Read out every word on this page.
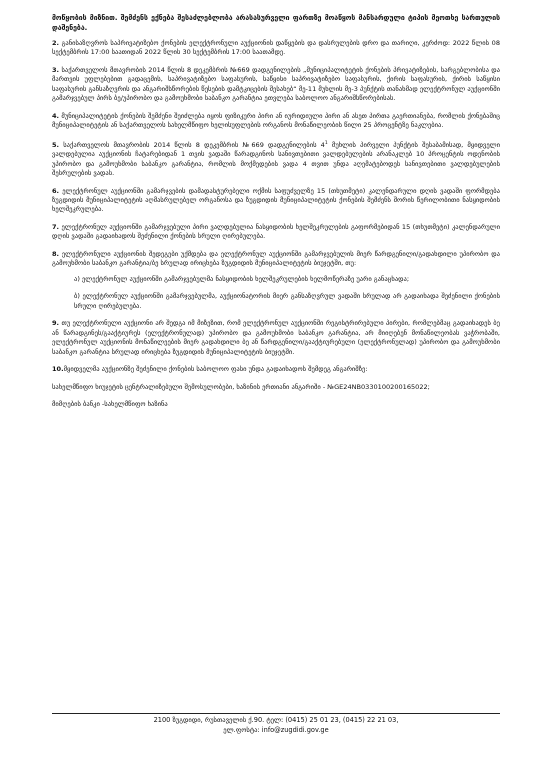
მოწყობის მიზნით. შემძენს ექნება შესაძლებლობა არასასურველი ფართზე მოაწყოს მანსარდული ტიპის მეოთხე სართულის დაშენება.

2. განისაზღვროს საპრივატიზებო ქონების ელექტრონული აუქციონის დაწყების და დასრულების დრო და თარიღი, კერძოდ: 2022 წლის 08 სექტემბრის 17:00 საათიდან 2022 წლის 30 სექტემბრის 17:00 საათამდე.

3. საქართველოს მთავრობის 2014 წლის 8 დეკემბრის №669 დადგენილების „მუნიციპალიტეტის ქონების პრივატიზების, სარგებლობისა და მართვის უფლებებით გადაცემის, საპრივატიზებო საფასურის, საწყისი საპრივატიზებო საფასურის, ქირის საფასურის, ქირის საწყისი საფასურის განსაზღვრის და ანგარიშსწორების წესების დამტკიცების შესახებ“ მე-11 მუხლის მე-3 პუნქტის თანახმად ელექტრონულ აუქციონში გამარჯვებულ პირს ბე/უპირობო და გამოუხმობი საბანკო გარანტია ეთვლება საბოლოო ანგარიშსწორებისას.

4. მუნიციპალიტეტის ქონების შემძენი შეიძლება იყოს ფიზიკური პირი ან იურიდიული პირი ან ასეთ პირთა გაერთიანება, რომლის ქონებაშიც მუნიციპალიტეტის ან საქართველოს სახელმწიფო ხელისუფლების ორგანოს მონაწილეობის წილი 25 პროცენტზე ნაკლებია.

5. საქართველოს მთავრობის 2014 წლის 8 დეკემბრის №669 დადგენილების $4^1$ მუხლის პირველი პუნქტის შესაბამისად, მყიდველი ვალდებულია აუქციონის ჩატარებიდან 1 თვის ვადაში წარადგინოს სანივთებითი ვალდებულების არანაკლებ 10 პროცენტის ოდენობის უპირობო და გამოუხმობი საბანკო გარანტია, რომლის მოქმედების ვადა 4 თვით უნდა აღემატებოდეს სანივთებითი ვალდებულების შესრულების ვადას.

6. ელექტრონულ აუქციონში გამარჯვების დამადასტურებელი ოქმის საფუძველზე 15 (თხუთმეტი) კალენდარული დღის ვადაში ფორმდება ზუგდიდის მუნიციპალიტეტის აღმასრულებელ ორგანოსა და ზუგდიდის მუნიციპალიტეტის ქონების შემძენს შორის წერილობითი ნასყიდობის ხელშეკრულება.

7. ელექტრონულ აუქციონში გამარჯვებული პირი ვალდებულია ნასყიდობის ხელშეკრულების გაფორმებიდან 15 (თხუთმეტი) კალენდარული დღის ვადაში გადაიხადოს შეძენილი ქონების სრული ღირებულება.

8. ელექტრონული აუქციონის შედეგები უქმდება და ელექტრონულ აუქციონში გამარჯვებულის მიერ წარდგენილი/გადახდილი უპირობო და გამოუხმობი საბანკო გარანტია/ბე სრულად ირიცხება ზუგდიდის მუნიციპალიტეტის ბიუჯეტში, თუ:

ა) ელექტრონულ აუქციონში გამარჯვებულმა ნასყიდობის ხელშეკრულების ხელმოწერაზე უარი განაცხადა;

ბ) ელექტრონულ აუქციონში გამარჯვებულმა, აუქციონატორის მიერ განსაზღვრულ ვადაში სრულად არ გადაიხადა შეძენილი ქონების სრული ღირებულება.

9. თუ ელექტრონული აუქციონი არ შედგა იმ მიზეზით, რომ ელექტრონულ აუქციონში რეგისტრირებული პირები, რომლებმაც გადაიხადეს ბე ან წარადგინეს/გააქტიურეს (ელექტრონულად) უპირობო და გამოუხმობი საბანკო გარანტია, არ მიიღებენ მონაწილეობას ვაჭრობაში, ელექტრონულ აუქციონის მონაწილეების მიერ გადახდილი ბე ან წარდგენილი/გააქტიურებული (ელექტრონულად) უპირობო და გამოუხმობი საბანკო გარანტია სრულად ირიცხება ზუგდიდის მუნიციპალიტეტის ბიუჯეტში.

10.მყიდველმა აუქციონზე შეძენილი ქონების საბოლოო ფასი უნდა გადაიხადოს შემდეგ ანგარიშზე:

სახელმწიფო ხიუჯეტის ცენტრალიზებული შემოსულობები, ხაზინის ერთიანი ანგარიში - №GE24NB0330100200165022;

მიმღების ბანკი -სახელმწიფო ხაზინა

2100 ზუგდიდი, რუსთაველის ქ.90. ტელ: (0415) 25 01 23, (0415) 22 21 03,
ელ.ფოსტა: info@zugdidi.gov.ge
